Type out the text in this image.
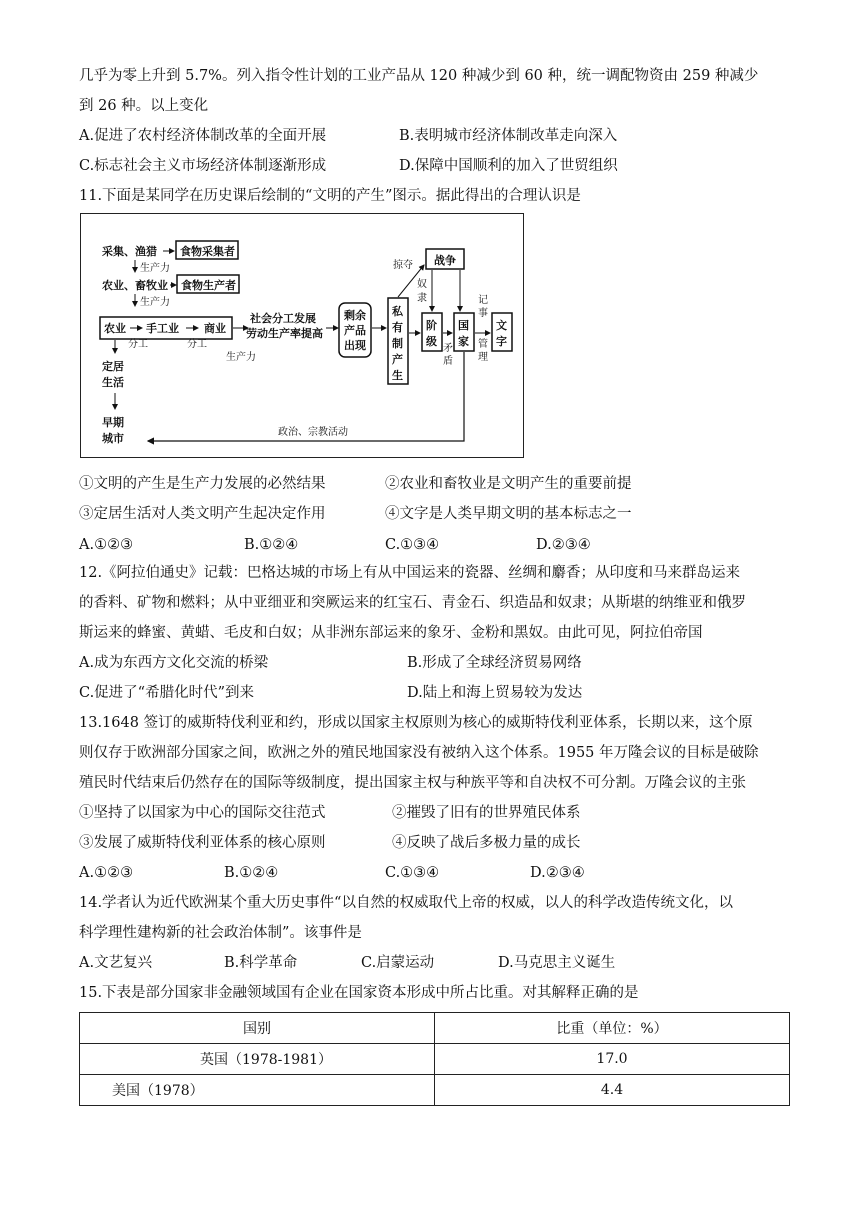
几乎为零上升到 5.7%。列入指令性计划的工业产品从 120 种减少到 60 种，统一调配物资由 259 种减少
到 26 种。以上变化
A.促进了农村经济体制改革的全面开展	B.表明城市经济体制改革走向深入
C.标志社会主义市场经济体制逐渐形成	D.保障中国顺利的加入了世贸组织
11.下面是某同学在历史课后绘制的“文明的产生”图示。据此得出的合理认识是
采集、渔猎 食物采集者
生产力
农业、畜牧业 食物生产者
生产力
农业 手工业 商业
分工	分工
社会分工发展
劳动生产率提高
生产力
剩余
产品
出现
私
有
制
产
生
战争
掠夺
奴
隶
阶
级
矛
盾
国
家
记
事
管
理
文
字
定居
生活
早期
城市	政治、宗教活动
①文明的产生是生产力发展的必然结果	②农业和畜牧业是文明产生的重要前提
③定居生活对人类文明产生起决定作用	④文字是人类早期文明的基本标志之一
A.①②③	B.①②④	C.①③④	D.②③④
12.《阿拉伯通史》记载：巴格达城的市场上有从中国运来的瓷器、丝绸和麝香；从印度和马来群岛运来
的香料、矿物和燃料；从中亚细亚和突厥运来的红宝石、青金石、织造品和奴隶；从斯堪的纳维亚和俄罗
斯运来的蜂蜜、黄蜡、毛皮和白奴；从非洲东部运来的象牙、金粉和黑奴。由此可见，阿拉伯帝国
A.成为东西方文化交流的桥梁	B.形成了全球经济贸易网络
C.促进了“希腊化时代”到来	D.陆上和海上贸易较为发达
13.1648 签订的威斯特伐利亚和约，形成以国家主权原则为核心的威斯特伐利亚体系，长期以来，这个原
则仅存于欧洲部分国家之间，欧洲之外的殖民地国家没有被纳入这个体系。1955 年万隆会议的目标是破除
殖民时代结束后仍然存在的国际等级制度，提出国家主权与种族平等和自决权不可分割。万隆会议的主张
①坚持了以国家为中心的国际交往范式	②摧毁了旧有的世界殖民体系
③发展了威斯特伐利亚体系的核心原则	④反映了战后多极力量的成长
A.①②③	B.①②④	C.①③④	D.②③④
14.学者认为近代欧洲某个重大历史事件“以自然的权威取代上帝的权威，以人的科学改造传统文化，以
科学理性建构新的社会政治体制”。该事件是
A.文艺复兴	B.科学革命	C.启蒙运动	D.马克思主义诞生
15.下表是部分国家非金融领域国有企业在国家资本形成中所占比重。对其解释正确的是
国别	比重（单位：%）
英国（1978-1981）	17.0
美国（1978）	4.4
